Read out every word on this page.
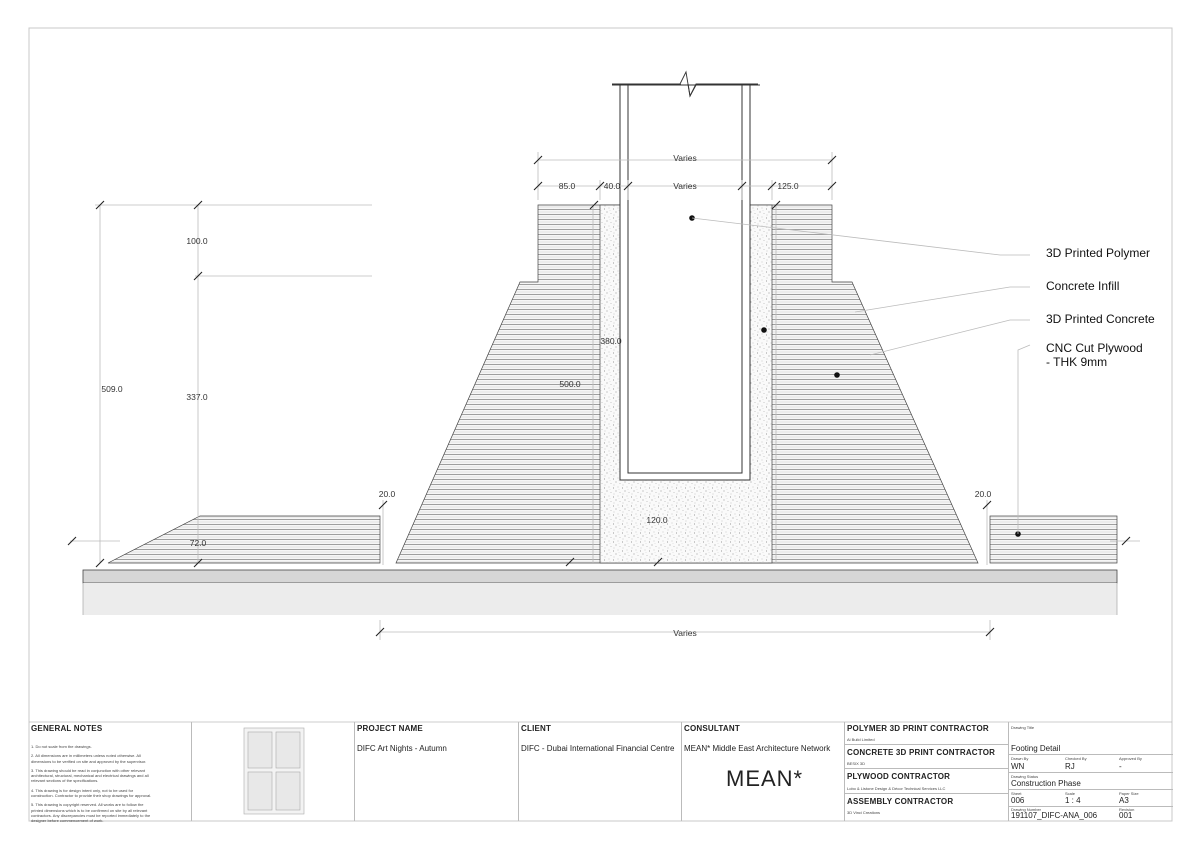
Varies
85.0	40.0	Varies	125.0
100.0
509.0
337.0
380.0
500.0
20.0	20.0
120.0
72.0
Varies
3D Printed Polymer
Concrete Infill
3D Printed Concrete
CNC Cut Plywood
- THK 9mm
GENERAL NOTES
1. Do not scale from the drawings.
2. All dimensions are in millimeters unless noted otherwise. All
dimensions to be verified on site and approved by the supervisor.
3. This drawing should be read in conjunction with other relevant
architectural, structural, mechanical and electrical drawings and all
relevant sections of the specifications.
4. This drawing is for design intent only, not to be used for
construction. Contractor to provide their shop drawings for approval.
5. This drawing is copyright reserved. All works are to follow the
printed dimensions which is to be confirmed on site by all relevant
contractors. Any discrepancies must be reported immediately to the
designer before commencement of work.
PROJECT NAME
DIFC Art Nights - Autumn
CLIENT
DIFC - Dubai International Financial Centre
CONSULTANT
MEAN* Middle East Architecture Network
MEAN*
POLYMER 3D PRINT CONTRACTOR
Ai Build Limited
CONCRETE 3D PRINT CONTRACTOR
BESIX 3D
PLYWOOD CONTRACTOR
Lobo & Listone Design & Décor Technical Services LLC
ASSEMBLY CONTRACTOR
3D Vinci Creations
Drawing Title
Footing Detail
Drawn By
WN
Checked By
RJ
Approved By
-
Drawing Status
Construction Phase
Sheet
006
Scale
1 : 4
Paper Size
A3
Drawing Number
191107_DIFC-ANA_006
Revision
001
